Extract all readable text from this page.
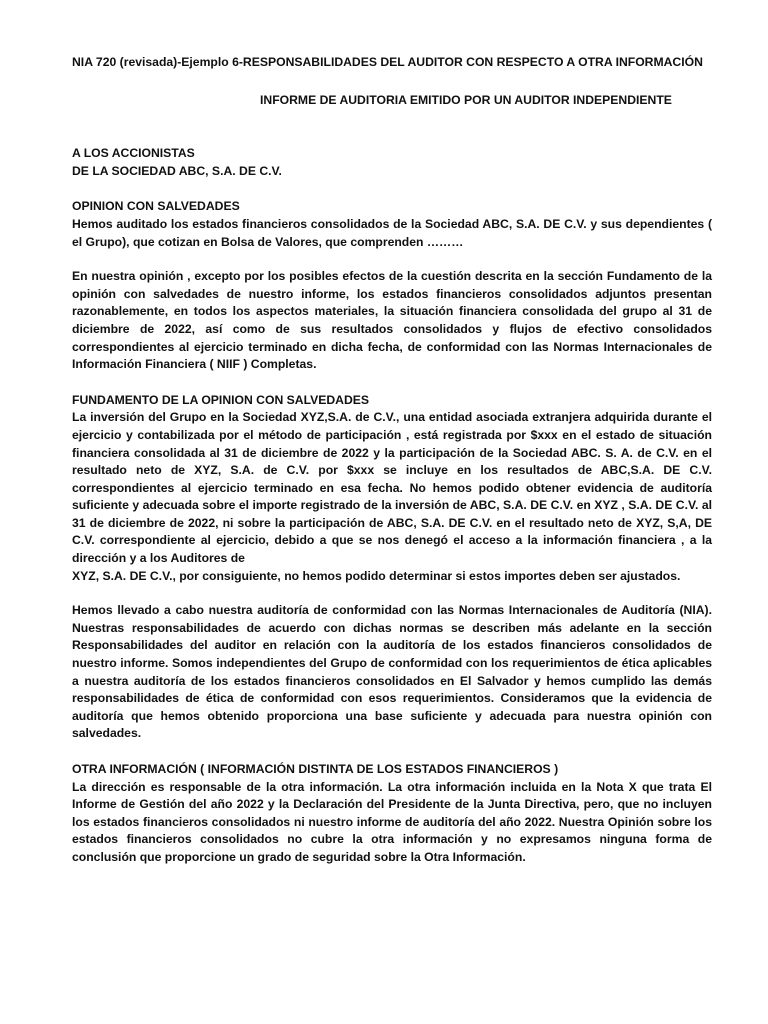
NIA 720 (revisada)-Ejemplo 6-RESPONSABILIDADES DEL AUDITOR CON RESPECTO A OTRA INFORMACIÓN

INFORME DE AUDITORIA EMITIDO POR UN AUDITOR INDEPENDIENTE

A LOS ACCIONISTAS
DE LA SOCIEDAD ABC, S.A. DE C.V.

OPINION CON SALVEDADES

Hemos auditado los estados financieros consolidados de la Sociedad ABC, S.A. DE C.V. y sus dependientes ( el Grupo), que cotizan en Bolsa de Valores, que comprenden ………

En nuestra opinión , excepto por los posibles efectos de la cuestión descrita en la sección Fundamento de la opinión con salvedades de nuestro informe, los estados financieros consolidados adjuntos presentan razonablemente, en todos los aspectos materiales, la situación financiera consolidada del grupo al 31 de diciembre de 2022, así como de sus resultados consolidados y flujos de efectivo consolidados correspondientes al ejercicio terminado en dicha fecha, de conformidad con las Normas Internacionales de Información Financiera ( NIIF ) Completas.

FUNDAMENTO DE LA OPINION CON SALVEDADES

La inversión del Grupo en la Sociedad XYZ,S.A. de C.V., una entidad asociada extranjera adquirida durante el ejercicio y contabilizada por el método de participación , está registrada por $xxx en el estado de situación financiera consolidada al 31 de diciembre de 2022 y la participación de la Sociedad ABC. S. A. de C.V. en el resultado neto de XYZ, S.A. de C.V. por $xxx se incluye en los resultados de ABC,S.A. DE C.V. correspondientes al ejercicio terminado en esa fecha. No hemos podido obtener evidencia de auditoría suficiente y adecuada sobre el importe registrado de la inversión de ABC, S.A. DE C.V. en XYZ , S.A. DE C.V. al 31 de diciembre de 2022, ni sobre la participación de ABC, S.A. DE C.V. en el resultado neto de XYZ, S,A, DE C.V. correspondiente al ejercicio, debido a que se nos denegó el acceso a la información financiera , a la dirección y a los Auditores de

XYZ, S.A. DE C.V., por consiguiente, no hemos podido determinar si estos importes deben ser ajustados.

Hemos llevado a cabo nuestra auditoría de conformidad con las Normas Internacionales de Auditoría (NIA). Nuestras responsabilidades de acuerdo con dichas normas se describen más adelante en la sección Responsabilidades del auditor en relación con la auditoría de los estados financieros consolidados de nuestro informe. Somos independientes del Grupo de conformidad con los requerimientos de ética aplicables a nuestra auditoría de los estados financieros consolidados en El Salvador y hemos cumplido las demás responsabilidades de ética de conformidad con esos requerimientos. Consideramos que la evidencia de auditoría que hemos obtenido proporciona una base suficiente y adecuada para nuestra opinión con salvedades.

OTRA INFORMACIÓN ( INFORMACIÓN DISTINTA DE LOS ESTADOS FINANCIEROS )

La dirección es responsable de la otra información. La otra información incluida en la Nota X que trata El Informe de Gestión del año 2022 y la Declaración del Presidente de la Junta Directiva, pero, que no incluyen los estados financieros consolidados ni nuestro informe de auditoría del año 2022. Nuestra Opinión sobre los estados financieros consolidados no cubre la otra información y no expresamos ninguna forma de conclusión que proporcione un grado de seguridad sobre la Otra Información.
